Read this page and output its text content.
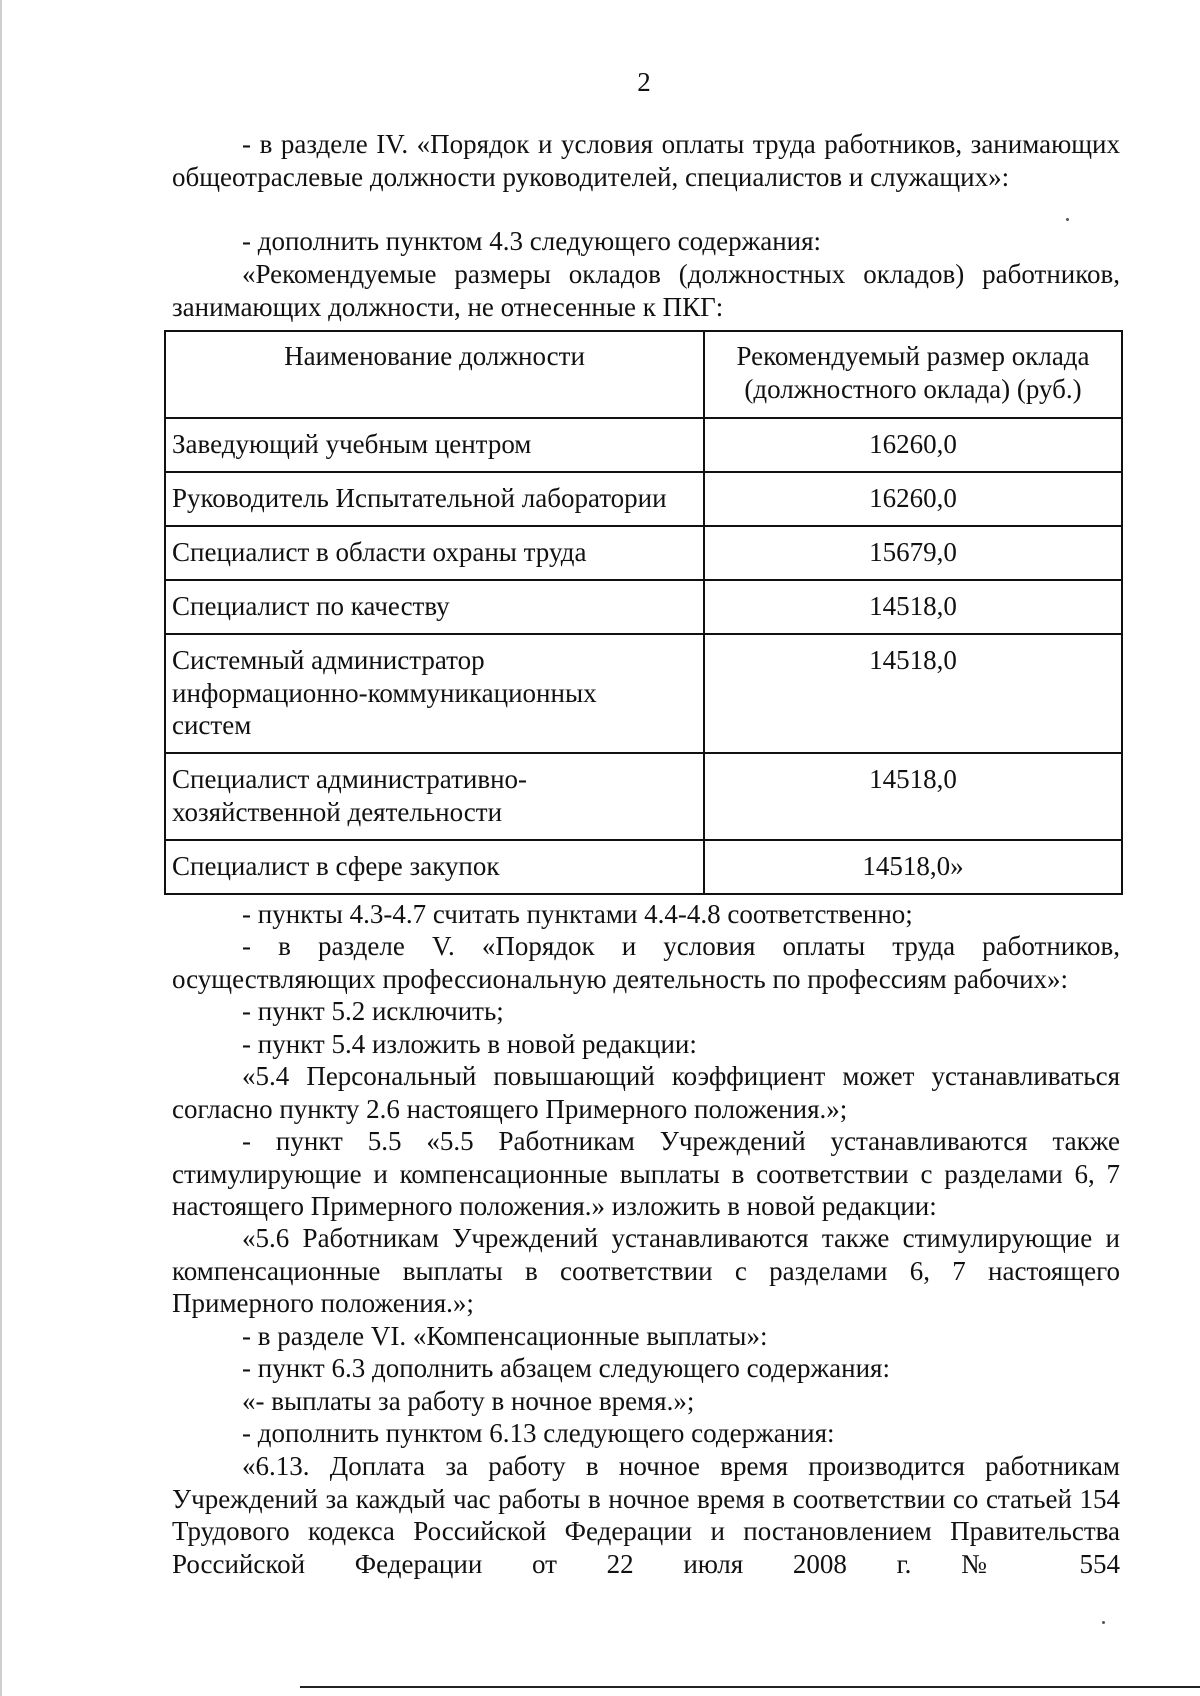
2

- в разделе IV. «Порядок и условия оплаты труда работников, занимающих общеотраслевые должности руководителей, специалистов и служащих»:

- дополнить пунктом 4.3 следующего содержания:

«Рекомендуемые размеры окладов (должностных окладов) работников, занимающих должности, не отнесенные к ПКГ:

Наименование должности	Рекомендуемый размер оклада (должностного оклада) (руб.)
Заведующий учебным центром	16260,0
Руководитель Испытательной лаборатории	16260,0
Специалист в области охраны труда	15679,0
Специалист по качеству	14518,0
Системный администратор информационно-коммуникационных систем	14518,0
Специалист административно-хозяйственной деятельности	14518,0
Специалист в сфере закупок	14518,0»

- пункты 4.3-4.7 считать пунктами 4.4-4.8 соответственно;

- в разделе V. «Порядок и условия оплаты труда работников, осуществляющих профессиональную деятельность по профессиям рабочих»:

- пункт 5.2 исключить;

- пункт 5.4 изложить в новой редакции:

«5.4 Персональный повышающий коэффициент может устанавливаться согласно пункту 2.6 настоящего Примерного положения.»;

- пункт 5.5 «5.5 Работникам Учреждений устанавливаются также стимулирующие и компенсационные выплаты в соответствии с разделами 6, 7 настоящего Примерного положения.» изложить в новой редакции:

«5.6 Работникам Учреждений устанавливаются также стимулирующие и компенсационные выплаты в соответствии с разделами 6, 7 настоящего Примерного положения.»;

- в разделе VI. «Компенсационные выплаты»:

- пункт 6.3 дополнить абзацем следующего содержания:

«- выплаты за работу в ночное время.»;

- дополнить пунктом 6.13 следующего содержания:

«6.13. Доплата за работу в ночное время производится работникам Учреждений за каждый час работы в ночное время в соответствии со статьей 154 Трудового кодекса Российской Федерации и постановлением Правительства Российской Федерации от 22 июля 2008 г. № 554
